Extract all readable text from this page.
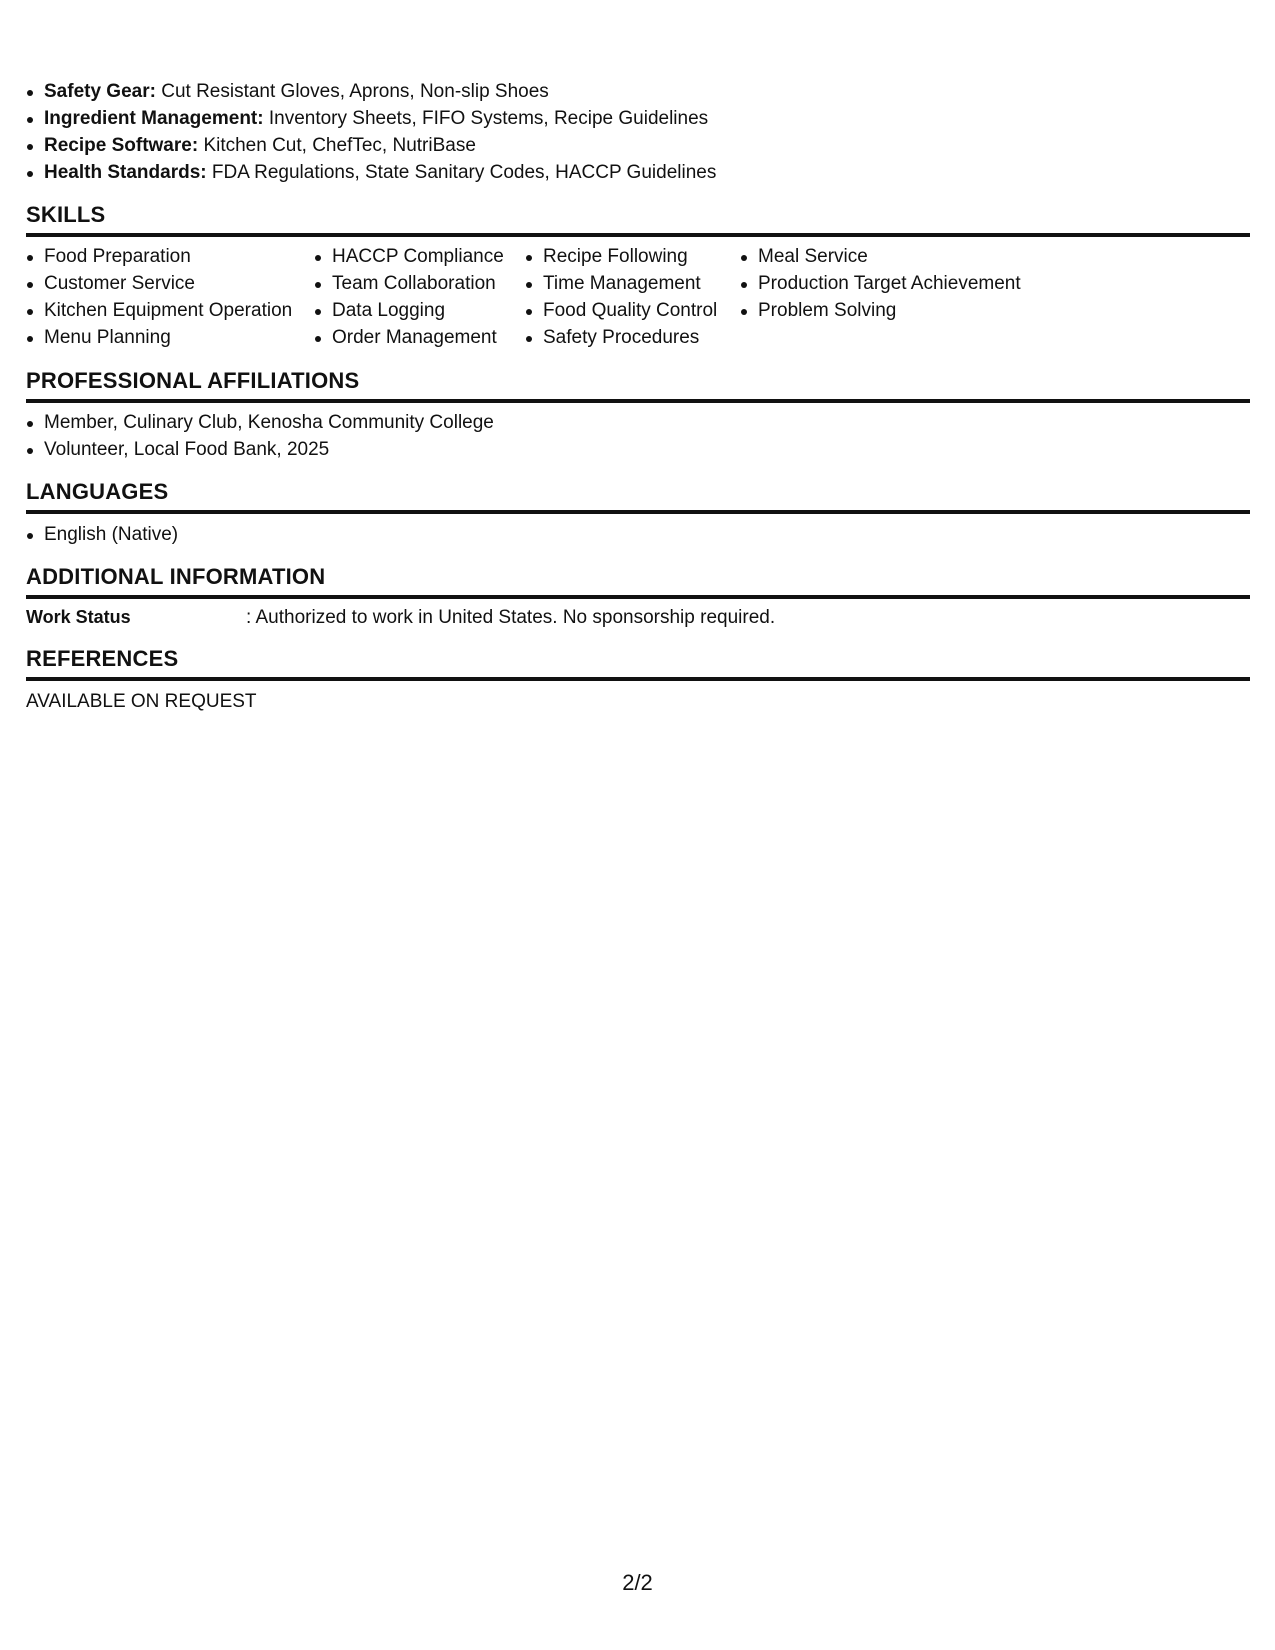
Safety Gear: Cut Resistant Gloves, Aprons, Non-slip Shoes
Ingredient Management: Inventory Sheets, FIFO Systems, Recipe Guidelines
Recipe Software: Kitchen Cut, ChefTec, NutriBase
Health Standards: FDA Regulations, State Sanitary Codes, HACCP Guidelines
SKILLS
Food Preparation
Customer Service
Kitchen Equipment Operation
Menu Planning
HACCP Compliance
Team Collaboration
Data Logging
Order Management
Recipe Following
Time Management
Food Quality Control
Safety Procedures
Meal Service
Production Target Achievement
Problem Solving
PROFESSIONAL AFFILIATIONS
Member, Culinary Club, Kenosha Community College
Volunteer, Local Food Bank, 2025
LANGUAGES
English (Native)
ADDITIONAL INFORMATION
Work Status	: Authorized to work in United States. No sponsorship required.
REFERENCES
AVAILABLE ON REQUEST
2/2
